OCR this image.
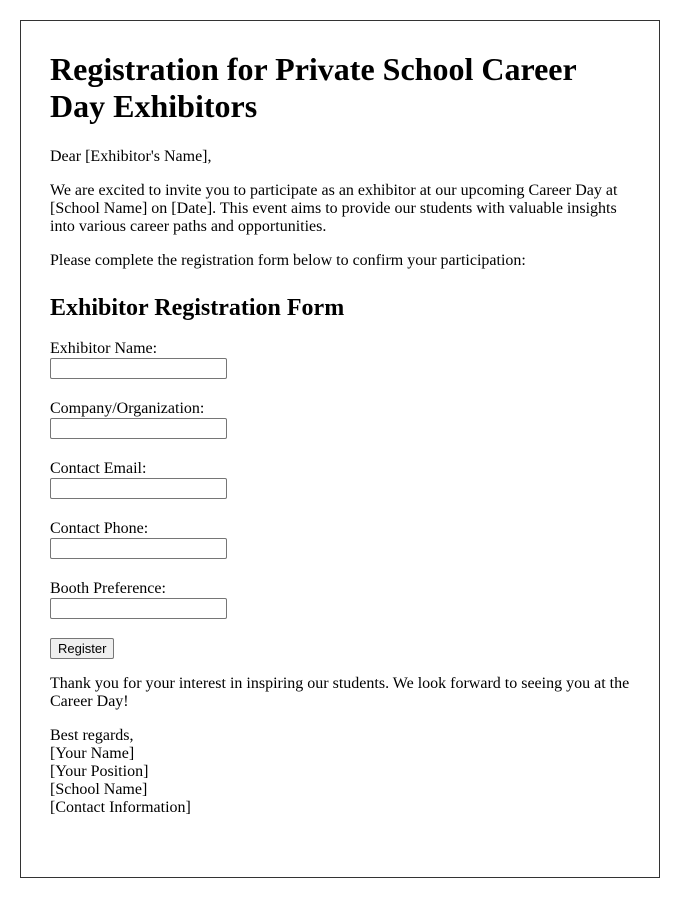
Registration for Private School Career Day Exhibitors

Dear [Exhibitor's Name],

We are excited to invite you to participate as an exhibitor at our upcoming Career Day at [School Name] on [Date]. This event aims to provide our students with valuable insights into various career paths and opportunities.

Please complete the registration form below to confirm your participation:

Exhibitor Registration Form
Exhibitor Name:
Company/Organization:
Contact Email:
Contact Phone:
Booth Preference:
Register

Thank you for your interest in inspiring our students. We look forward to seeing you at the Career Day!

Best regards,

[Your Name]

[Your Position]

[School Name]

[Contact Information]
